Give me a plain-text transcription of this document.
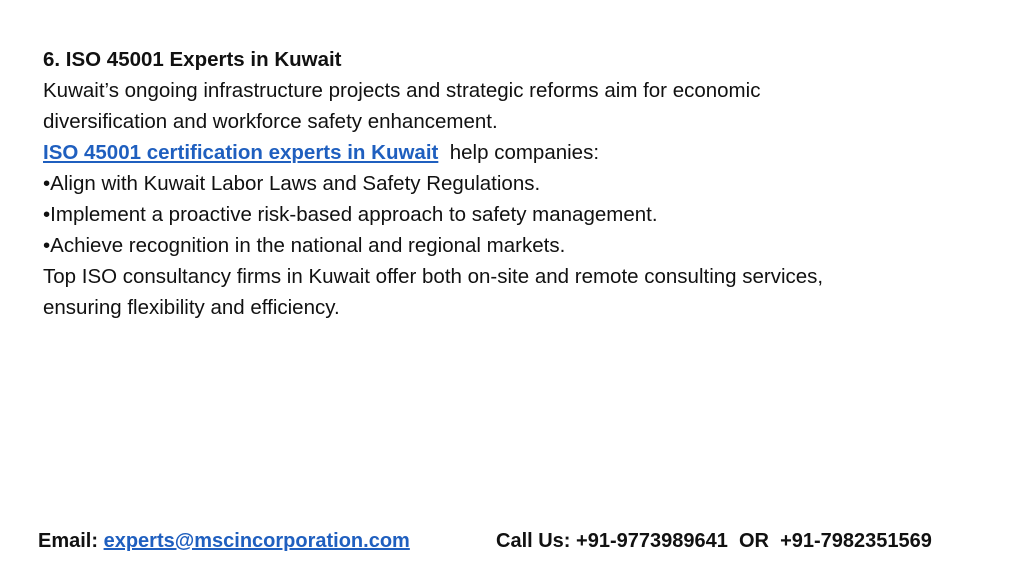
6. ISO 45001 Experts in Kuwait
Kuwait’s ongoing infrastructure projects and strategic reforms aim for economic
diversification and workforce safety enhancement.
ISO 45001 certification experts in Kuwait  help companies:
•Align with Kuwait Labor Laws and Safety Regulations.
•Implement a proactive risk-based approach to safety management.
•Achieve recognition in the national and regional markets.
Top ISO consultancy firms in Kuwait offer both on-site and remote consulting services,
ensuring flexibility and efficiency.
Email: experts@mscincorporation.com	Call Us: +91-9773989641  OR  +91-7982351569
